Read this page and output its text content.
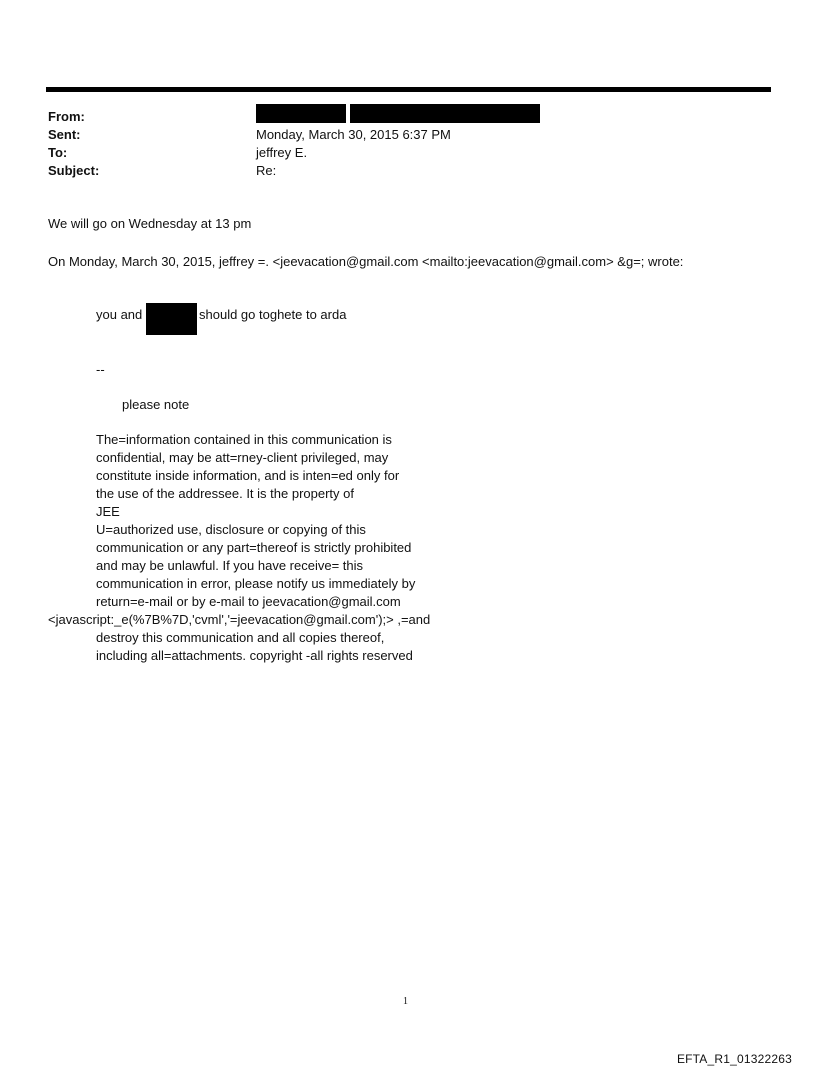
From:
Sent:	Monday, March 30, 2015 6:37 PM
To:	jeffrey E.
Subject:	Re:
We will go on Wednesday at 13 pm
On Monday, March 30, 2015, jeffrey =. <jeevacation@gmail.com <mailto:jeevacation@gmail.com> &g=; wrote:
you and	should go toghete to arda
--
please note
The=information contained in this communication is
confidential, may be att=rney-client privileged, may
constitute inside information, and is inten=ed only for
the use of the addressee. It is the property of
JEE
U=authorized use, disclosure or copying of this
communication or any part=thereof is strictly prohibited
and may be unlawful. If you have receive= this
communication in error, please notify us immediately by
return=e-mail or by e-mail to jeevacation@gmail.com
<javascript:_e(%7B%7D,'cvml','=jeevacation@gmail.com');> ,=and
destroy this communication and all copies thereof,
including all=attachments. copyright -all rights reserved
1
EFTA_R1_01322263
